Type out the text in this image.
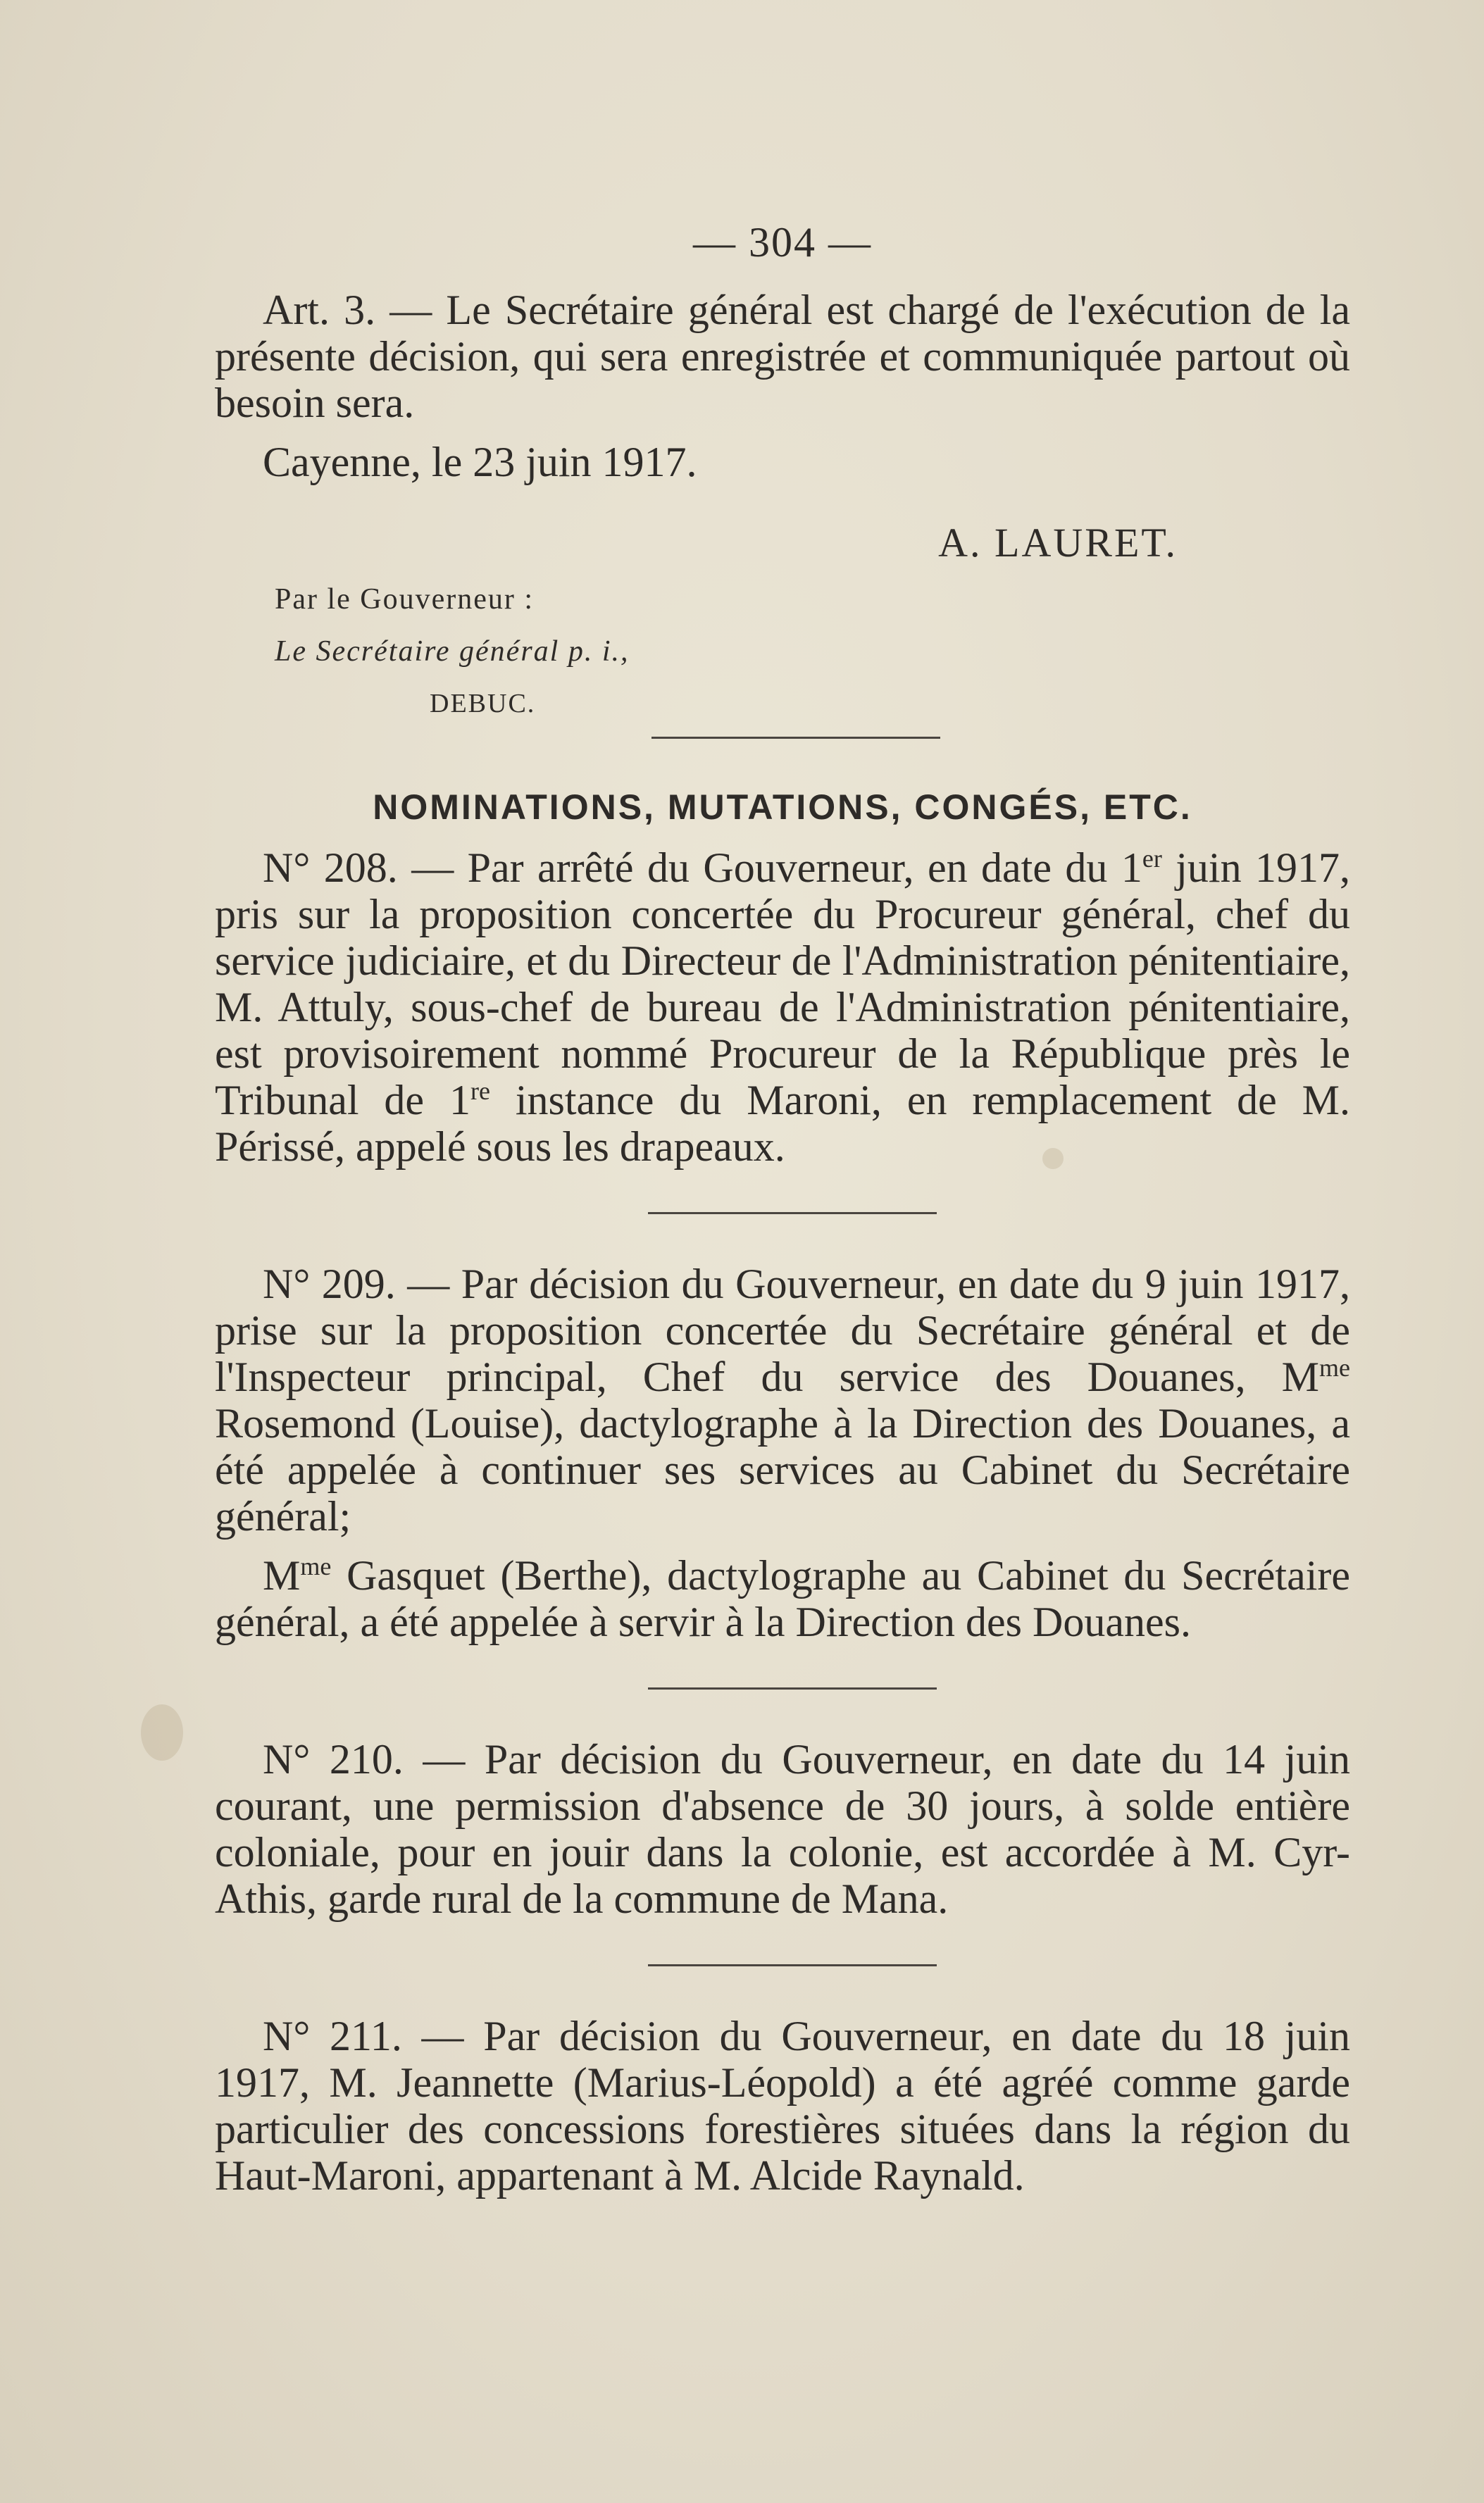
— 304 —

Art. 3. — Le Secrétaire général est chargé de l'exécution de la présente décision, qui sera enregistrée et communiquée partout où besoin sera.

Cayenne, le 23 juin 1917.
A. LAURET.
Par le Gouverneur :
Le Secrétaire général p. i.,
DEBUC.
NOMINATIONS, MUTATIONS, CONGÉS, ETC.

N° 208. — Par arrêté du Gouverneur, en date du 1er juin 1917, pris sur la proposition concertée du Procureur général, chef du service judiciaire, et du Directeur de l'Administration pénitentiaire, M. Attuly, sous-chef de bureau de l'Administration pénitentiaire, est provisoirement nommé Procureur de la République près le Tribunal de 1re instance du Maroni, en remplacement de M. Périssé, appelé sous les drapeaux.

N° 209. — Par décision du Gouverneur, en date du 9 juin 1917, prise sur la proposition concertée du Secrétaire général et de l'Inspecteur principal, Chef du service des Douanes, $M^{me}$ Rosemond (Louise), dactylographe à la Direction des Douanes, a été appelée à continuer ses services au Cabinet du Secrétaire général;

$M^{me}$ Gasquet (Berthe), dactylographe au Cabinet du Secrétaire général, a été appelée à servir à la Direction des Douanes.

N° 210. — Par décision du Gouverneur, en date du 14 juin courant, une permission d'absence de 30 jours, à solde entière coloniale, pour en jouir dans la colonie, est accordée à M. Cyr-Athis, garde rural de la commune de Mana.

N° 211. — Par décision du Gouverneur, en date du 18 juin 1917, M. Jeannette (Marius-Léopold) a été agréé comme garde particulier des concessions forestières situées dans la région du Haut-Maroni, appartenant à M. Alcide Raynald.
